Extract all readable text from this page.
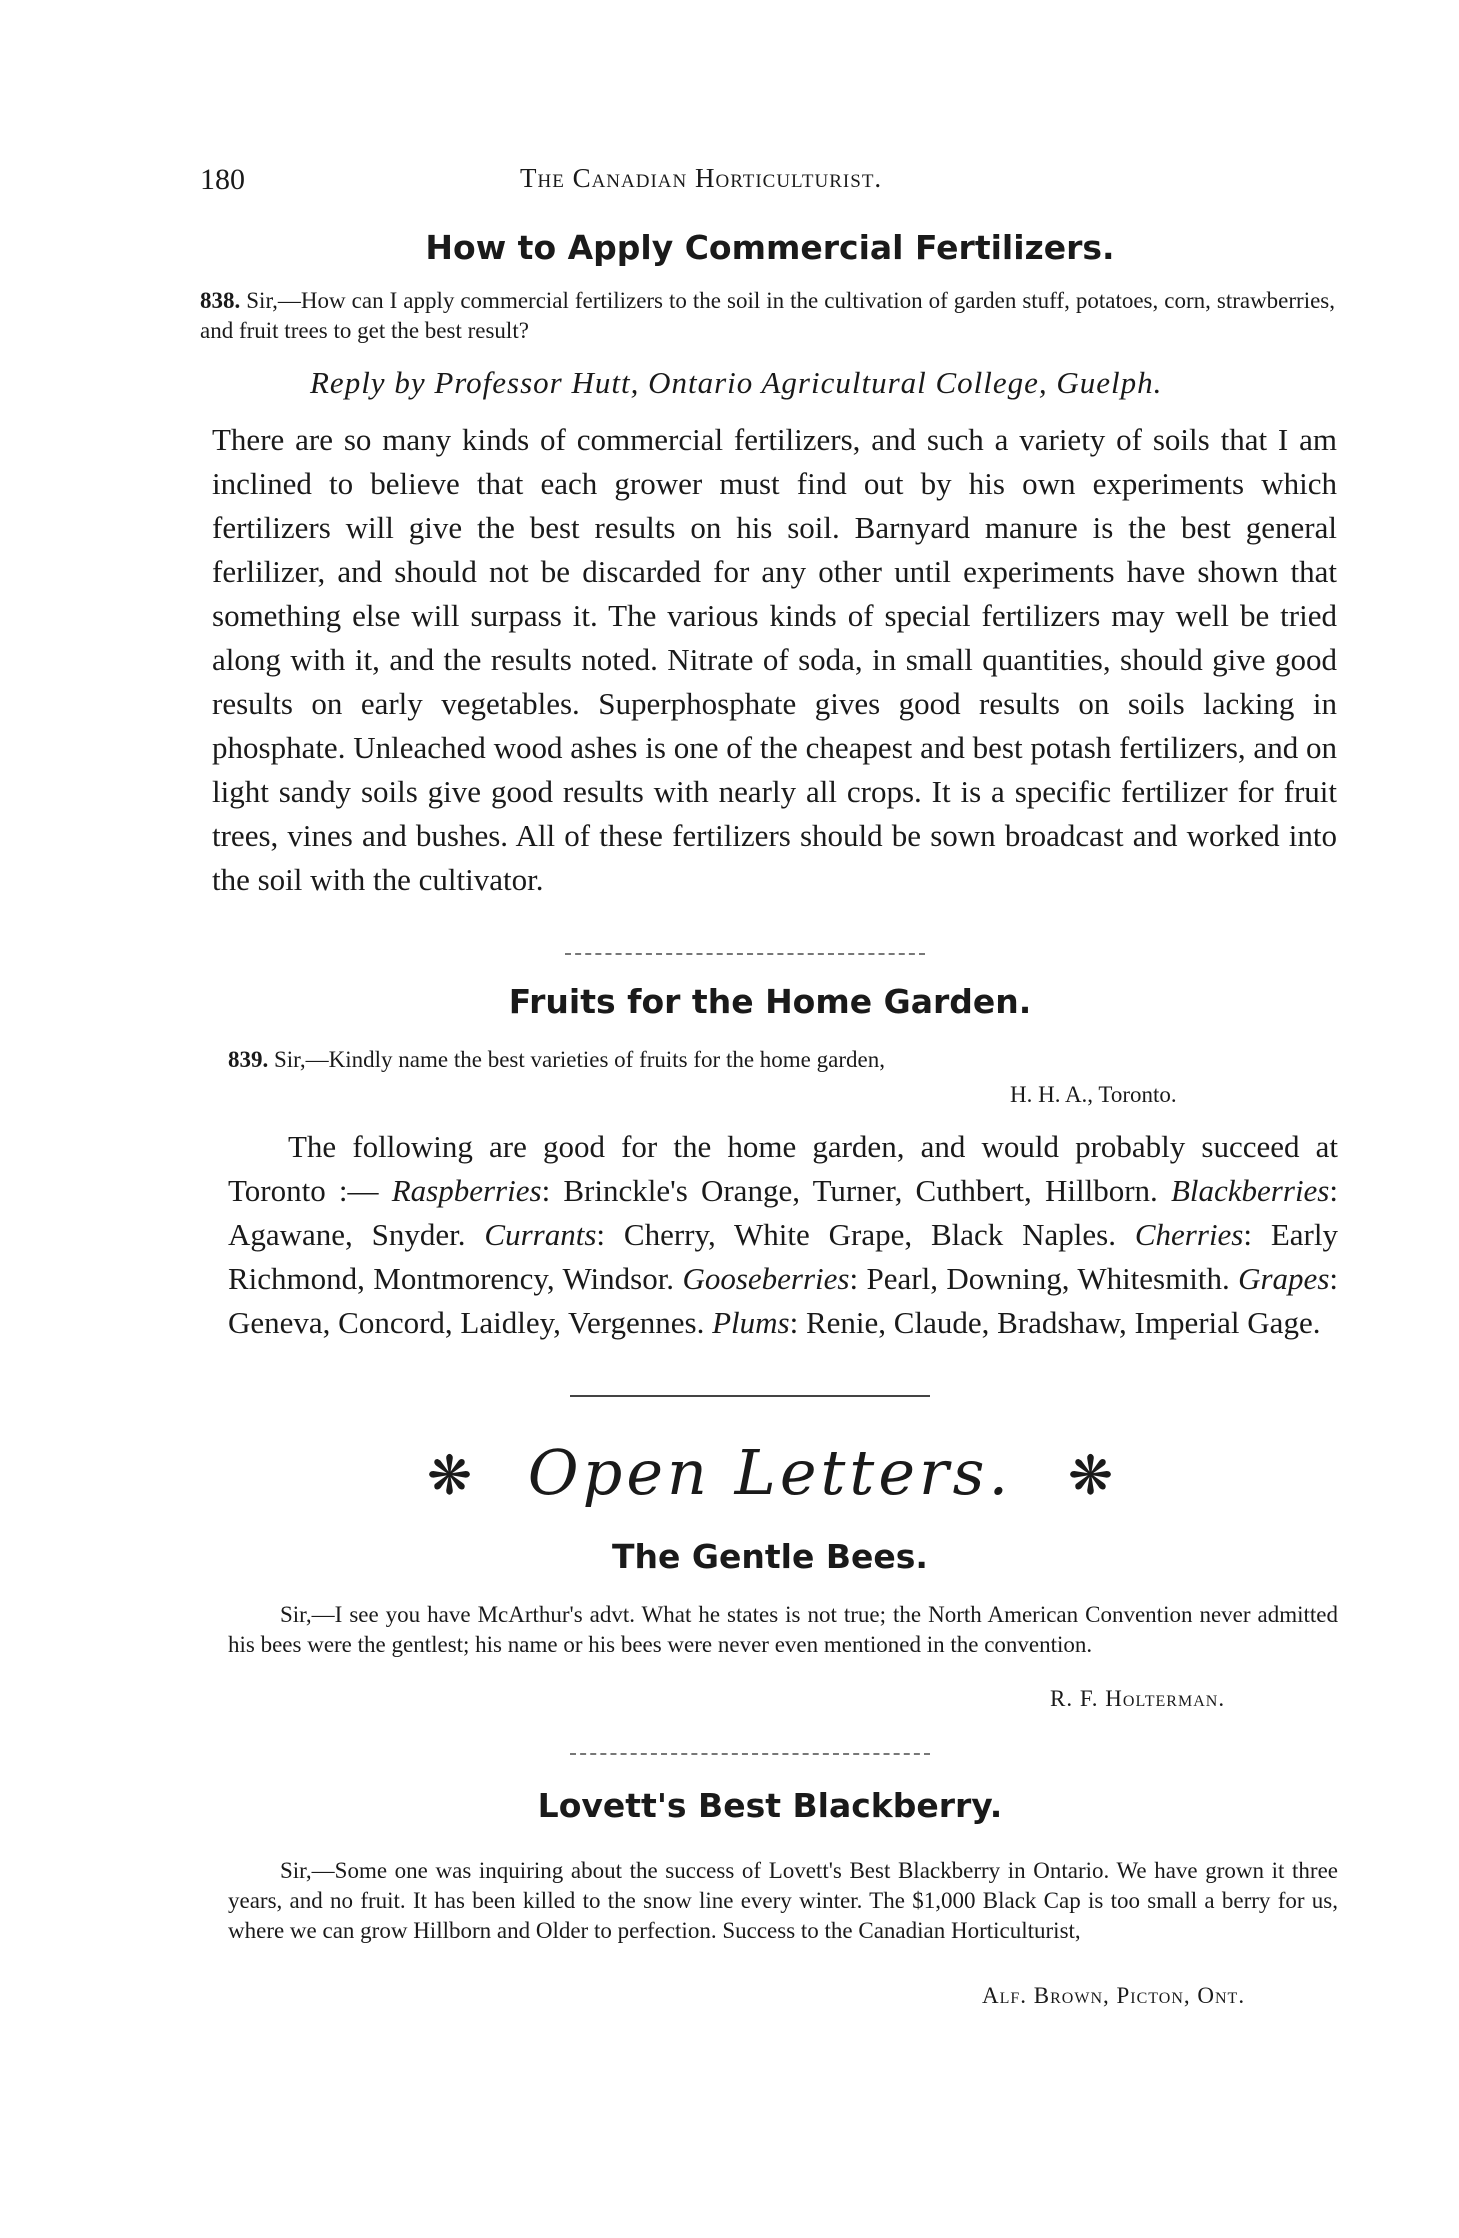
180	The Canadian Horticulturist.
How to Apply Commercial Fertilizers.
838. Sir,—How can I apply commercial fertilizers to the soil in the cultivation of garden stuff, potatoes, corn, strawberries, and fruit trees to get the best result?
Reply by Professor Hutt, Ontario Agricultural College, Guelph.

There are so many kinds of commercial fertilizers, and such a variety of soils that I am inclined to believe that each grower must find out by his own experiments which fertilizers will give the best results on his soil. Barnyard manure is the best general ferlilizer, and should not be discarded for any other until experiments have shown that something else will surpass it. The various kinds of special fertilizers may well be tried along with it, and the results noted. Nitrate of soda, in small quantities, should give good results on early vegetables. Superphosphate gives good results on soils lacking in phosphate. Unleached wood ashes is one of the cheapest and best potash fertilizers, and on light sandy soils give good results with nearly all crops. It is a specific fertilizer for fruit trees, vines and bushes. All of these fertilizers should be sown broadcast and worked into the soil with the cultivator.

Fruits for the Home Garden.
839. Sir,—Kindly name the best varieties of fruits for the home garden,
H. H. A., Toronto.
The following are good for the home garden, and would probably succeed at Toronto :— Raspberries: Brinckle's Orange, Turner, Cuthbert, Hillborn. Blackberries: Agawane, Snyder. Currants: Cherry, White Grape, Black Naples. Cherries: Early Richmond, Montmorency, Windsor. Gooseberries: Pearl, Downing, Whitesmith. Grapes: Geneva, Concord, Laidley, Vergennes. Plums: Renie, Claude, Bradshaw, Imperial Gage.
❋ Open Letters. ❋
The Gentle Bees.

Sir,—I see you have McArthur's advt. What he states is not true; the North American Convention never admitted his bees were the gentlest; his name or his bees were never even mentioned in the convention.

R. F. Holterman.
Lovett's Best Blackberry.

Sir,—Some one was inquiring about the success of Lovett's Best Blackberry in Ontario. We have grown it three years, and no fruit. It has been killed to the snow line every winter. The $1,000 Black Cap is too small a berry for us, where we can grow Hillborn and Older to perfection. Success to the Canadian Horticulturist,

Alf. Brown, Picton, Ont.
